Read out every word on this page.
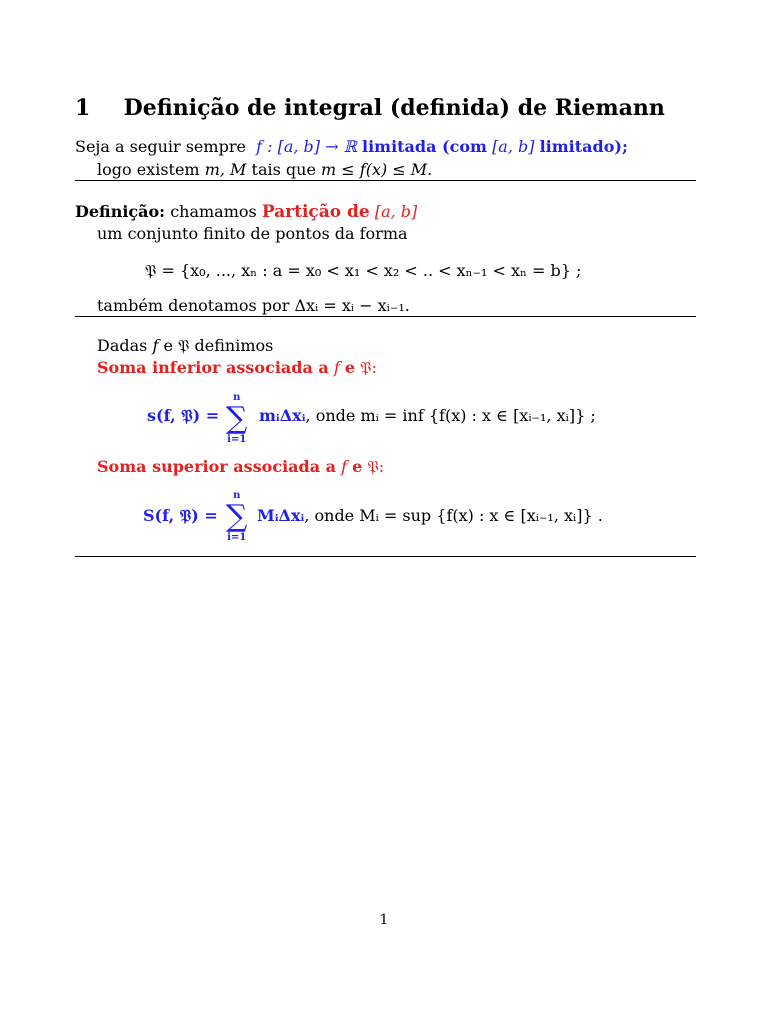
1 Definição de integral (definida) de Riemann
Seja a seguir sempre f : [a, b] → ℝ limitada (com [a, b] limitado);
logo existem m, M tais que m ≤ f(x) ≤ M.
Definição: chamamos Partição de [a, b]
um conjunto finito de pontos da forma
𝔓 = {x₀, ..., xₙ : a = x₀ < x₁ < x₂ < .. < xₙ₋₁ < xₙ = b} ;
também denotamos por Δxᵢ = xᵢ − xᵢ₋₁.
Dadas f e 𝔓 definimos
Soma inferior associada a f e 𝔓:
s(f, 𝔓) =
n
∑
i=1
mᵢΔxᵢ, onde mᵢ = inf {f(x) : x ∈ [xᵢ₋₁, xᵢ]} ;
Soma superior associada a f e 𝔓:
S(f, 𝔓) =
n
∑
i=1
MᵢΔxᵢ, onde Mᵢ = sup {f(x) : x ∈ [xᵢ₋₁, xᵢ]} .
1
